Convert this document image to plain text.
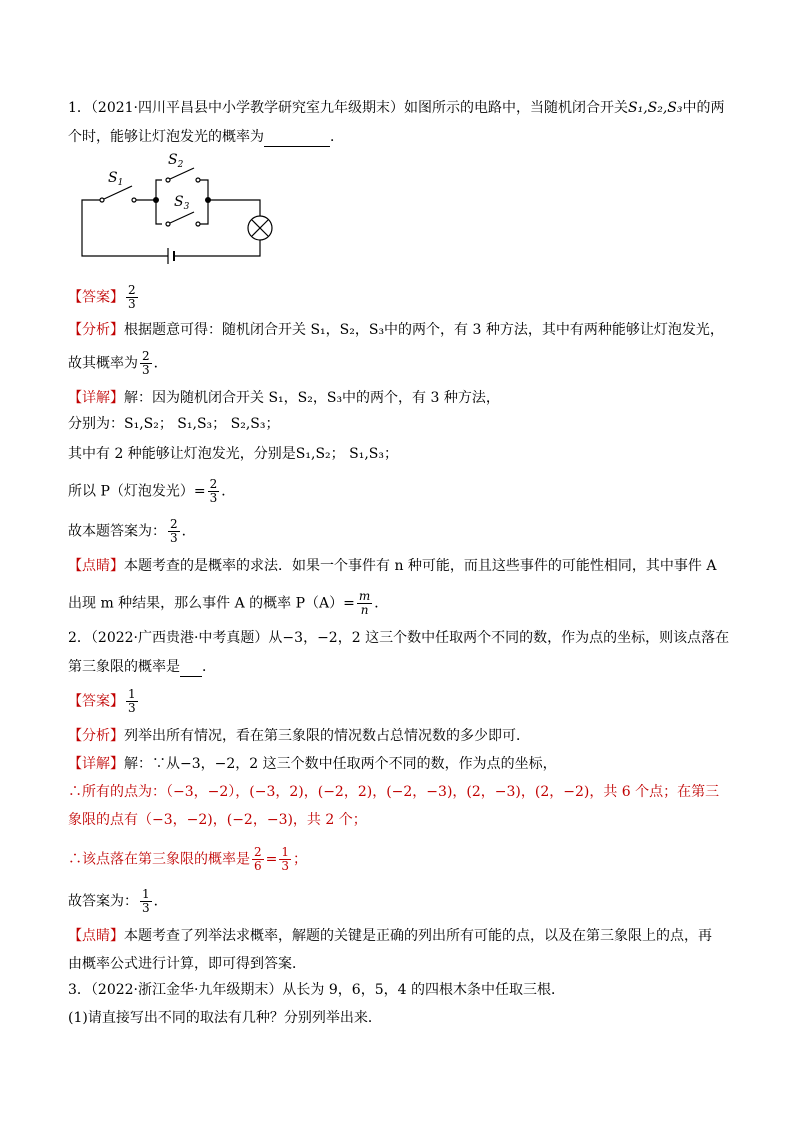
1．（2021·四川平昌县中小学教学研究室九年级期末）如图所示的电路中，当随机闭合开关S₁,S₂,S₃中的两
个时，能够让灯泡发光的概率为	．
$S_1$
$S_2$
$S_3$
【答案】 $\frac{2}{3}$
【分析】根据题意可得：随机闭合开关 S₁，S₂，S₃中的两个，有 3 种方法，其中有两种能够让灯泡发光，
故其概率为 $\frac{2}{3}$ ．
【详解】解：因为随机闭合开关 S₁，S₂，S₃中的两个，有 3 种方法，
分别为：S₁,S₂； S₁,S₃； S₂,S₃；
其中有 2 种能够让灯泡发光，分别是S₁,S₂； S₁,S₃；
所以 P（灯泡发光）= $\frac{2}{3}$ ．
故本题答案为： $\frac{2}{3}$ ．
【点睛】本题考查的是概率的求法．如果一个事件有 n 种可能，而且这些事件的可能性相同，其中事件 A
出现 m 种结果，那么事件 A 的概率 $P(A)= \frac{m}{n}$ ．
2．（2022·广西贵港·中考真题）从−3，−2，2 这三个数中任取两个不同的数，作为点的坐标，则该点落在
第三象限的概率是 ．
【答案】 $\frac{1}{3}$
【分析】列举出所有情况，看在第三象限的情况数占总情况数的多少即可．
【详解】解：∵从−3，−2，2 这三个数中任取两个不同的数，作为点的坐标，
∴所有的点为：（−3，−2），(−3，2)，(−2，2)，(−2，−3)，(2，−3)，(2，−2)，共 6 个点；在第三
象限的点有（−3，−2)，(−2，−3)，共 2 个；
∴该点落在第三象限的概率是 $\frac{2}{6} = \frac{1}{3}$ ；
故答案为： $\frac{1}{3}$ ．
【点睛】本题考查了列举法求概率，解题的关键是正确的列出所有可能的点，以及在第三象限上的点，再
由概率公式进行计算，即可得到答案．
3．（2022·浙江金华·九年级期末）从长为 9，6，5，4 的四根木条中任取三根．
(1)请直接写出不同的取法有几种？分别列举出来．
